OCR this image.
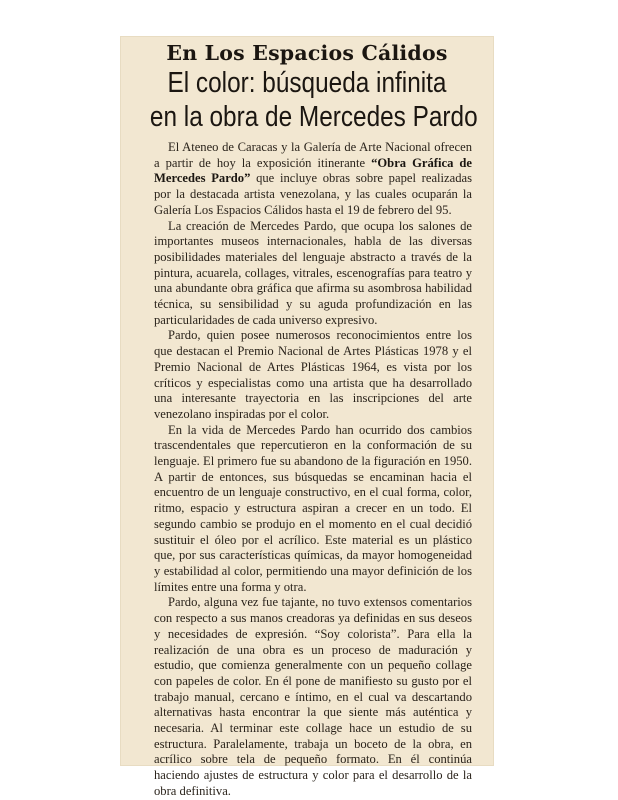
En Los Espacios Cálidos
El color: búsqueda infinita
en la obra de Mercedes Pardo

El Ateneo de Caracas y la Galería de Arte Nacional ofrecen a partir de hoy la exposición itinerante “Obra Gráfica de Mercedes Pardo” que incluye obras sobre papel realizadas por la destacada artista venezolana, y las cuales ocuparán la Galería Los Espacios Cálidos hasta el 19 de febrero del 95.

La creación de Mercedes Pardo, que ocupa los salones de importantes museos internacionales, habla de las diversas posibilidades materiales del lenguaje abstracto a través de la pintura, acuarela, collages, vitrales, escenografías para teatro y una abundante obra gráfica que afirma su asombrosa habilidad técnica, su sensibilidad y su aguda profundización en las particularidades de cada universo expresivo.

Pardo, quien posee numerosos reconocimientos entre los que destacan el Premio Nacional de Artes Plásticas 1978 y el Premio Nacional de Artes Plásticas 1964, es vista por los críticos y especialistas como una artista que ha desarrollado una interesante trayectoria en las inscripciones del arte venezolano inspiradas por el color.

En la vida de Mercedes Pardo han ocurrido dos cambios trascendentales que repercutieron en la conformación de su lenguaje. El primero fue su abandono de la figuración en 1950. A partir de entonces, sus búsquedas se encaminan hacia el encuentro de un lenguaje constructivo, en el cual forma, color, ritmo, espacio y estructura aspiran a crecer en un todo. El segundo cambio se produjo en el momento en el cual decidió sustituir el óleo por el acrílico. Este material es un plástico que, por sus características químicas, da mayor homogeneidad y estabilidad al color, permitiendo una mayor definición de los límites entre una forma y otra.

Pardo, alguna vez fue tajante, no tuvo extensos comentarios con respecto a sus manos creadoras ya definidas en sus deseos y necesidades de expresión. “Soy colorista”. Para ella la realización de una obra es un proceso de maduración y estudio, que comienza generalmente con un pequeño collage con papeles de color. En él pone de manifiesto su gusto por el trabajo manual, cercano e íntimo, en el cual va descartando alternativas hasta encontrar la que siente más auténtica y necesaria. Al terminar este collage hace un estudio de su estructura. Paralelamente, trabaja un boceto de la obra, en acrílico sobre tela de pequeño formato. En él continúa haciendo ajustes de estructura y color para el desarrollo de la obra definitiva.
